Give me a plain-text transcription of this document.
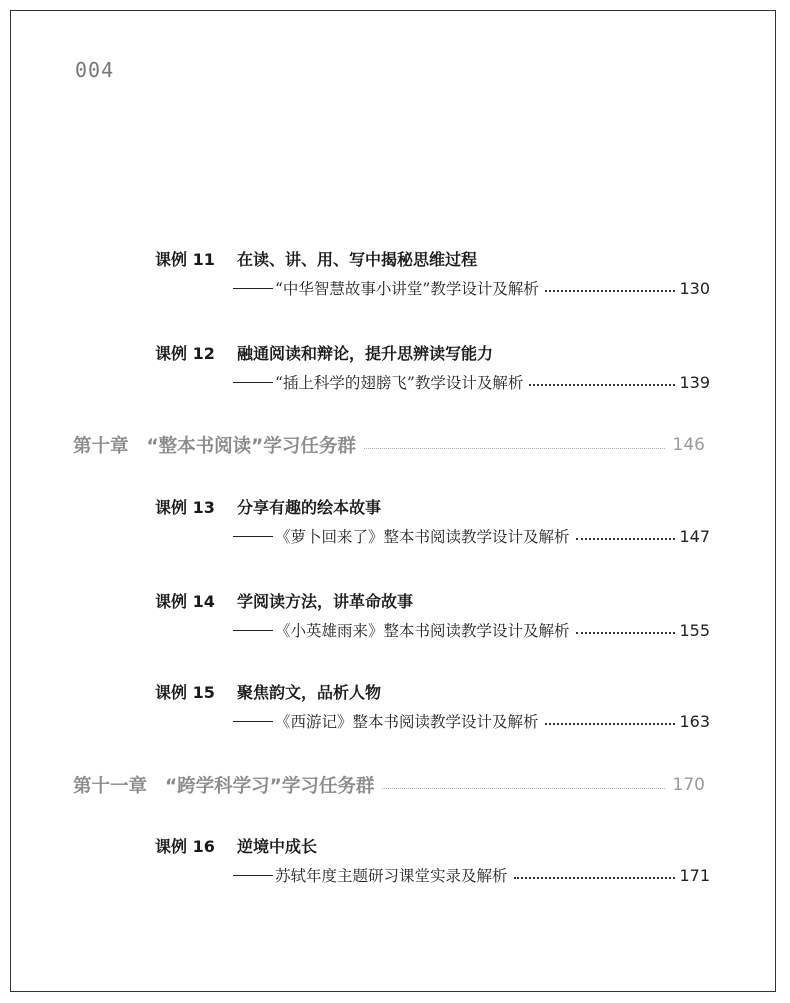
004
课例 11	在读、讲、用、写中揭秘思维过程
“中华智慧故事小讲堂”教学设计及解析	130
课例 12	融通阅读和辩论，提升思辨读写能力
“插上科学的翅膀飞”教学设计及解析	139
第十章 “整本书阅读”学习任务群	146
课例 13	分享有趣的绘本故事
《萝卜回来了》整本书阅读教学设计及解析	147
课例 14	学阅读方法，讲革命故事
《小英雄雨来》整本书阅读教学设计及解析	155
课例 15	聚焦韵文，品析人物
《西游记》整本书阅读教学设计及解析	163
第十一章 “跨学科学习”学习任务群	170
课例 16	逆境中成长
苏轼年度主题研习课堂实录及解析	171
